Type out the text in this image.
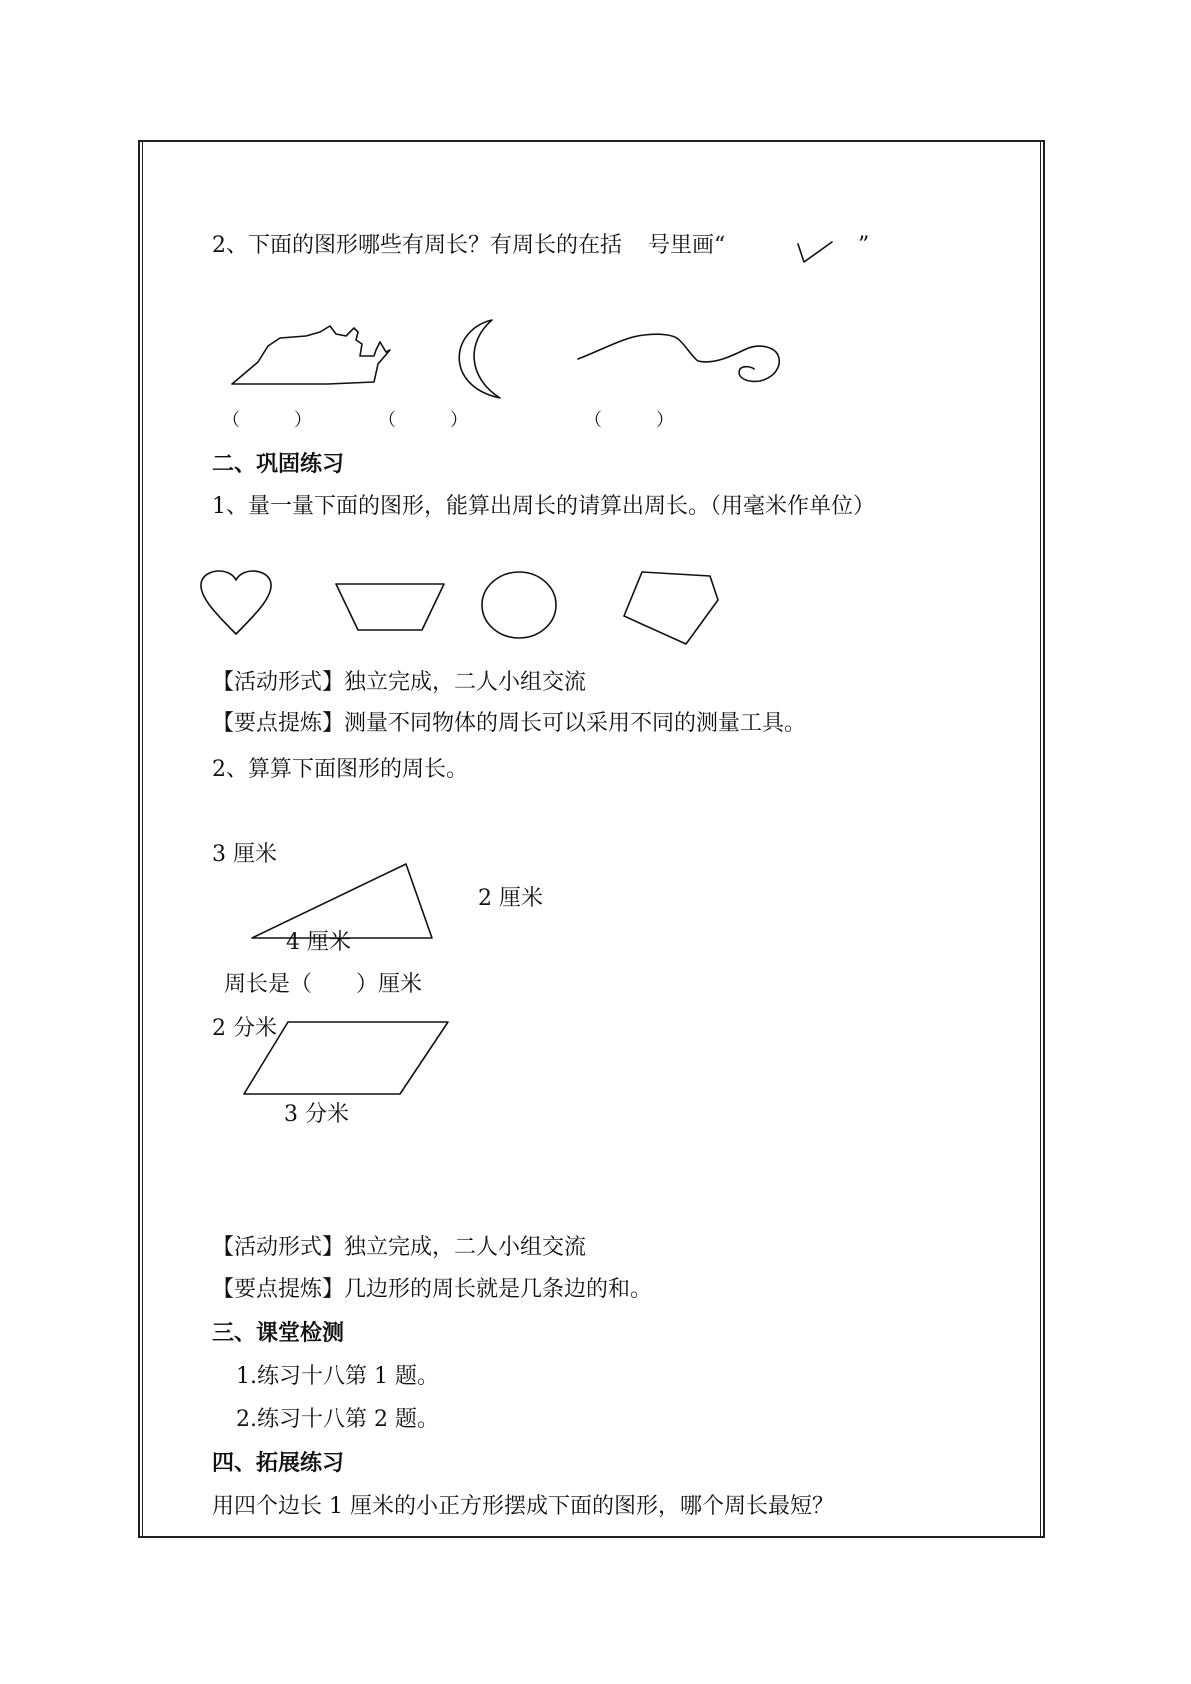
2、下面的图形哪些有周长？有周长的在括 号里画“	”
（　　　）	（　　　）	（　　　）
二、巩固练习
1、量一量下面的图形，能算出周长的请算出周长。（用毫米作单位）
【活动形式】独立完成，二人小组交流
【要点提炼】测量不同物体的周长可以采用不同的测量工具。
2、算算下面图形的周长。
3 厘米
2 厘米
4 厘米
周长是（　　）厘米
2 分米
3 分米
【活动形式】独立完成，二人小组交流
【要点提炼】几边形的周长就是几条边的和。
三、课堂检测
1.练习十八第 1 题。
2.练习十八第 2 题。
四、拓展练习
用四个边长 1 厘米的小正方形摆成下面的图形，哪个周长最短？
